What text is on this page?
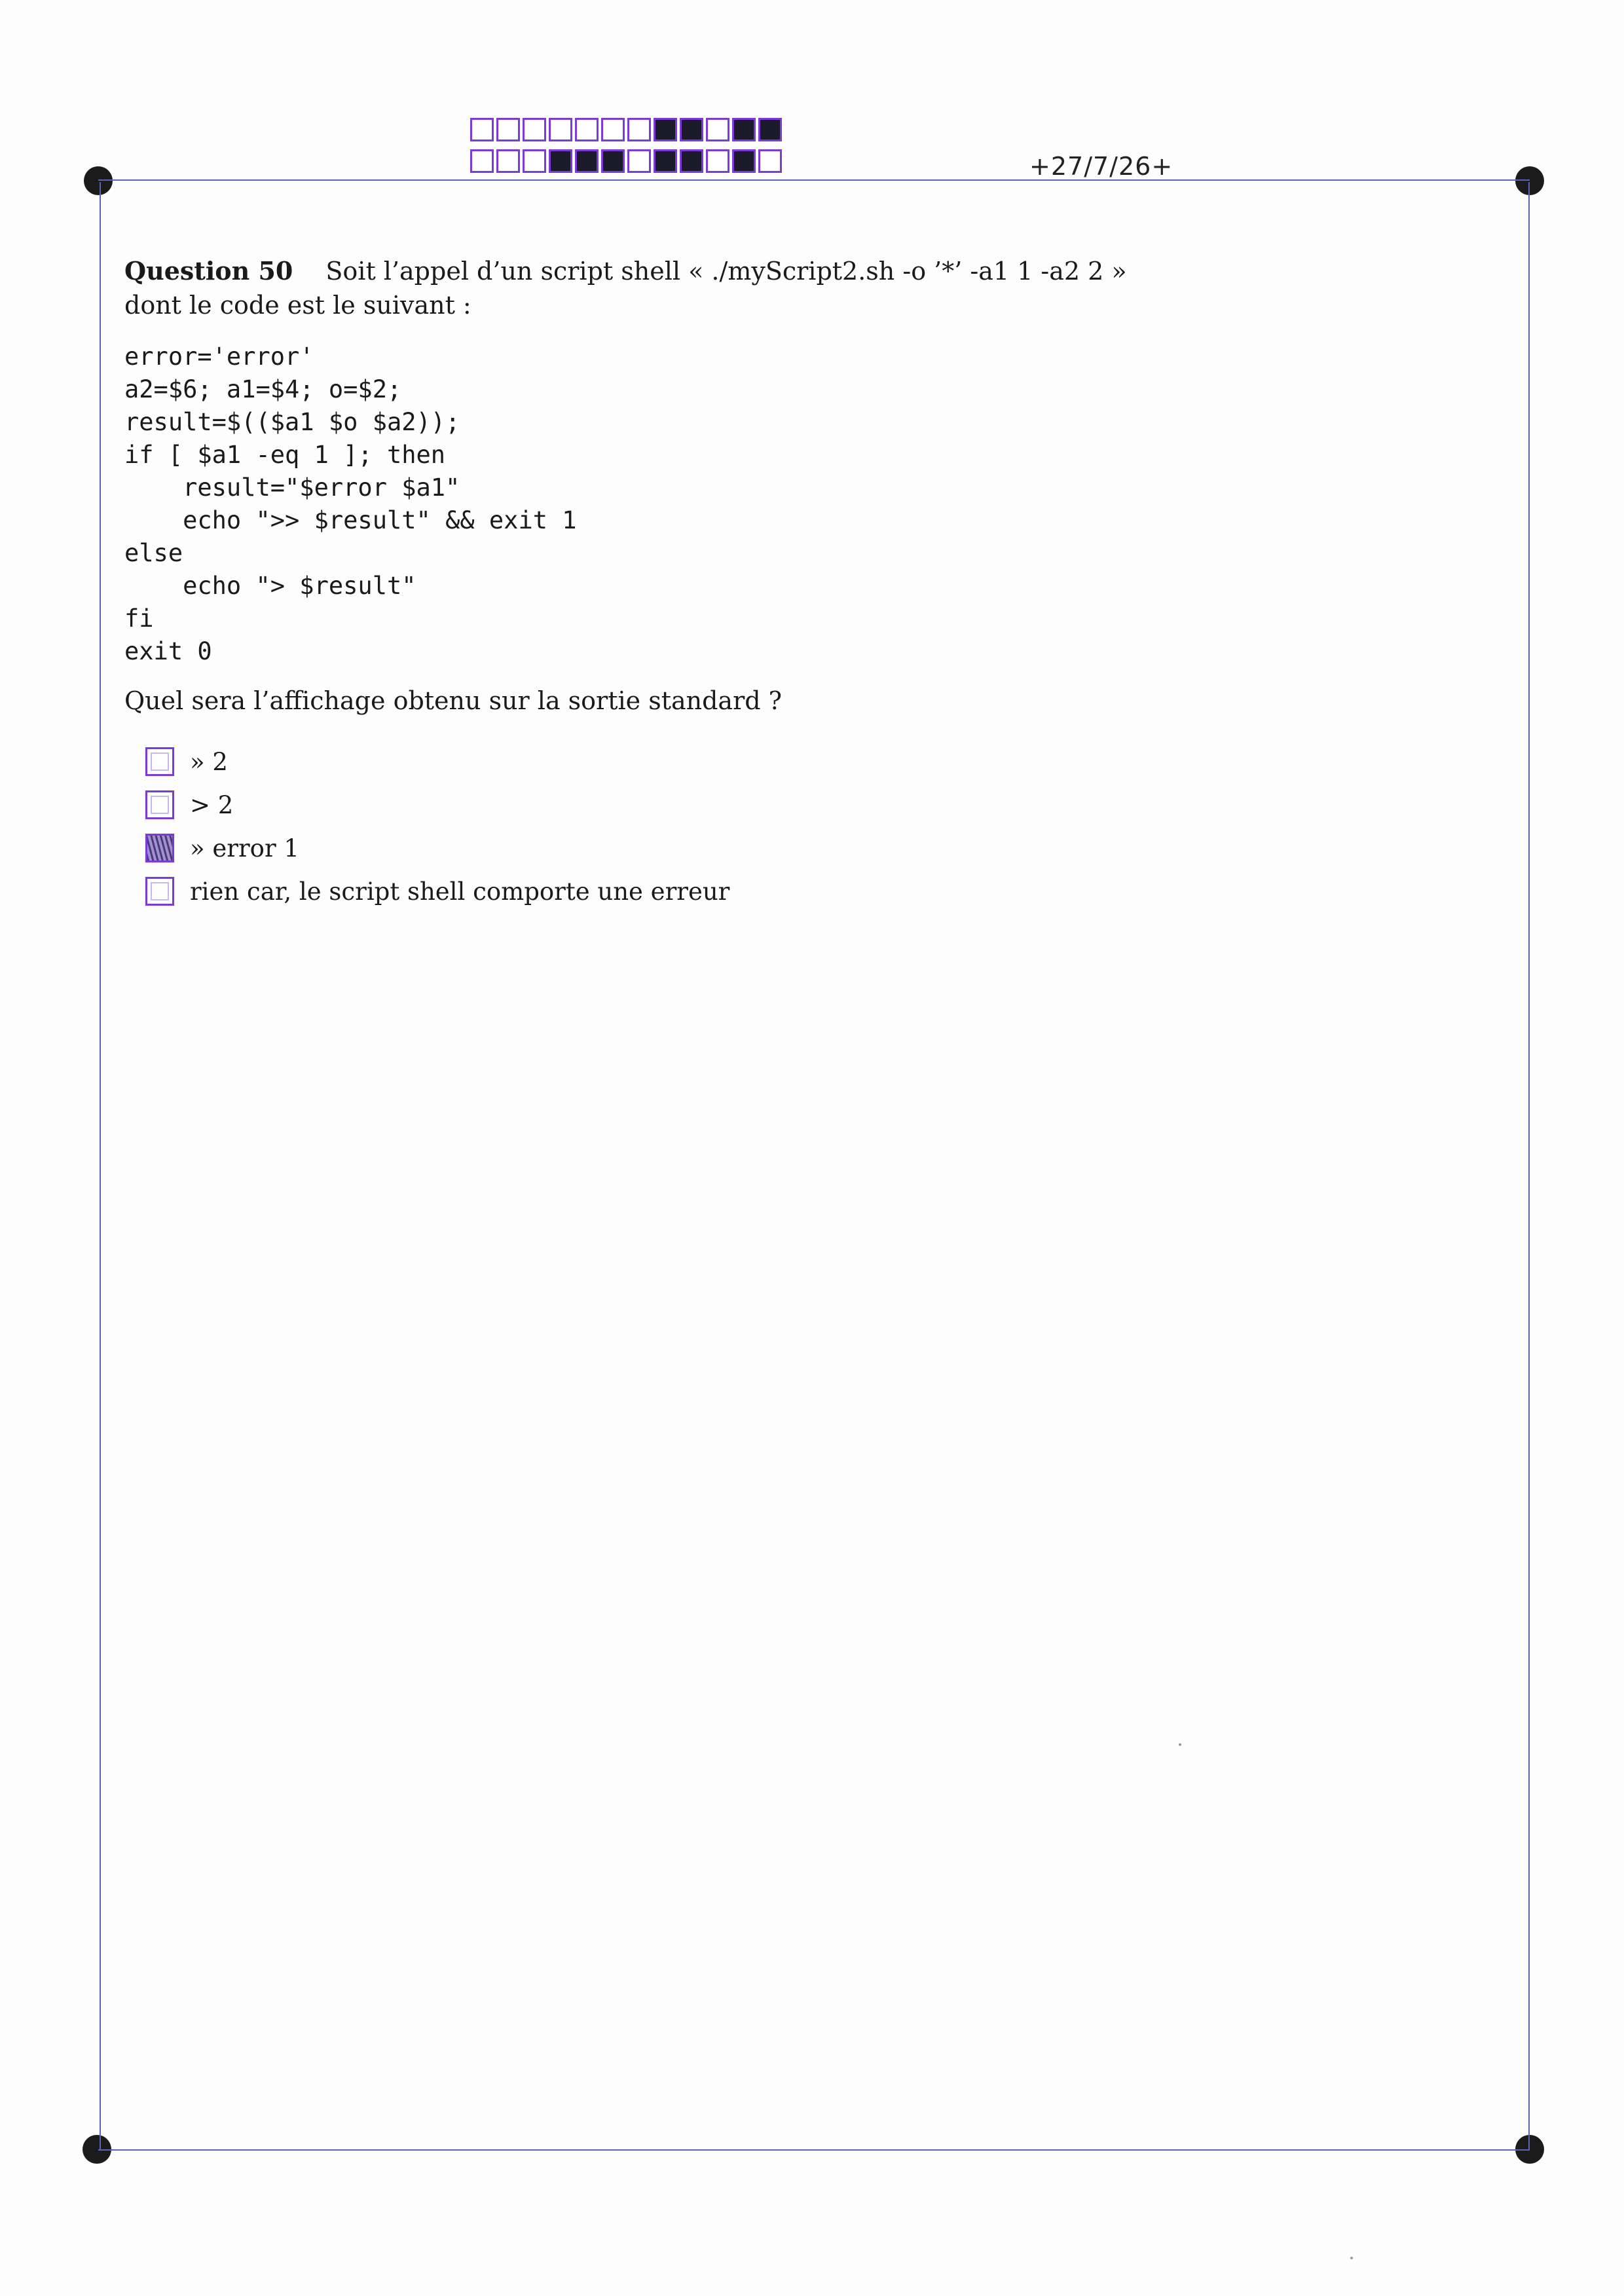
+27/7/26+
Question 50 Soit l’appel d’un script shell « ./myScript2.sh -o ’*’ -a1 1 -a2 2 » dont le code est le suivant :
error='error'
a2=$6; a1=$4; o=$2;
result=$(($a1 $o $a2));
if [ $a1 -eq 1 ]; then
result="$error $a1"
echo ">> $result" && exit 1
else
echo "> $result"
fi
exit 0
Quel sera l’affichage obtenu sur la sortie standard ?
» 2
> 2
» error 1
rien car, le script shell comporte une erreur
